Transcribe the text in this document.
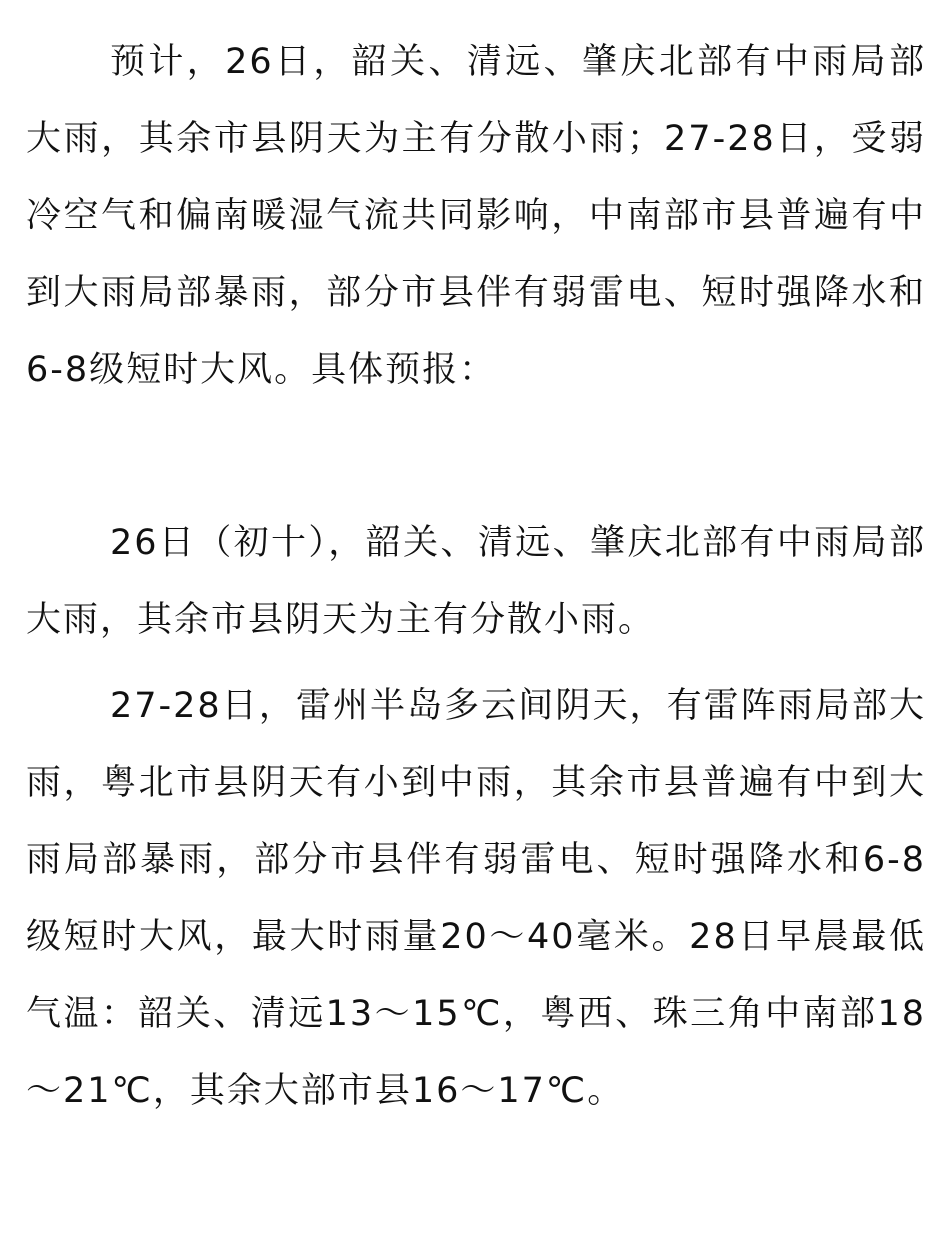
预计，26日，韶关、清远、肇庆北部有中雨局部大雨，其余市县阴天为主有分散小雨；27-28日，受弱冷空气和偏南暖湿气流共同影响，中南部市县普遍有中到大雨局部暴雨，部分市县伴有弱雷电、短时强降水和6-8级短时大风。具体预报：

26日（初十），韶关、清远、肇庆北部有中雨局部大雨，其余市县阴天为主有分散小雨。

27-28日，雷州半岛多云间阴天，有雷阵雨局部大雨，粤北市县阴天有小到中雨，其余市县普遍有中到大雨局部暴雨，部分市县伴有弱雷电、短时强降水和6-8级短时大风，最大时雨量20～40毫米。28日早晨最低气温：韶关、清远13～15℃，粤西、珠三角中南部18～21℃，其余大部市县16～17℃。
